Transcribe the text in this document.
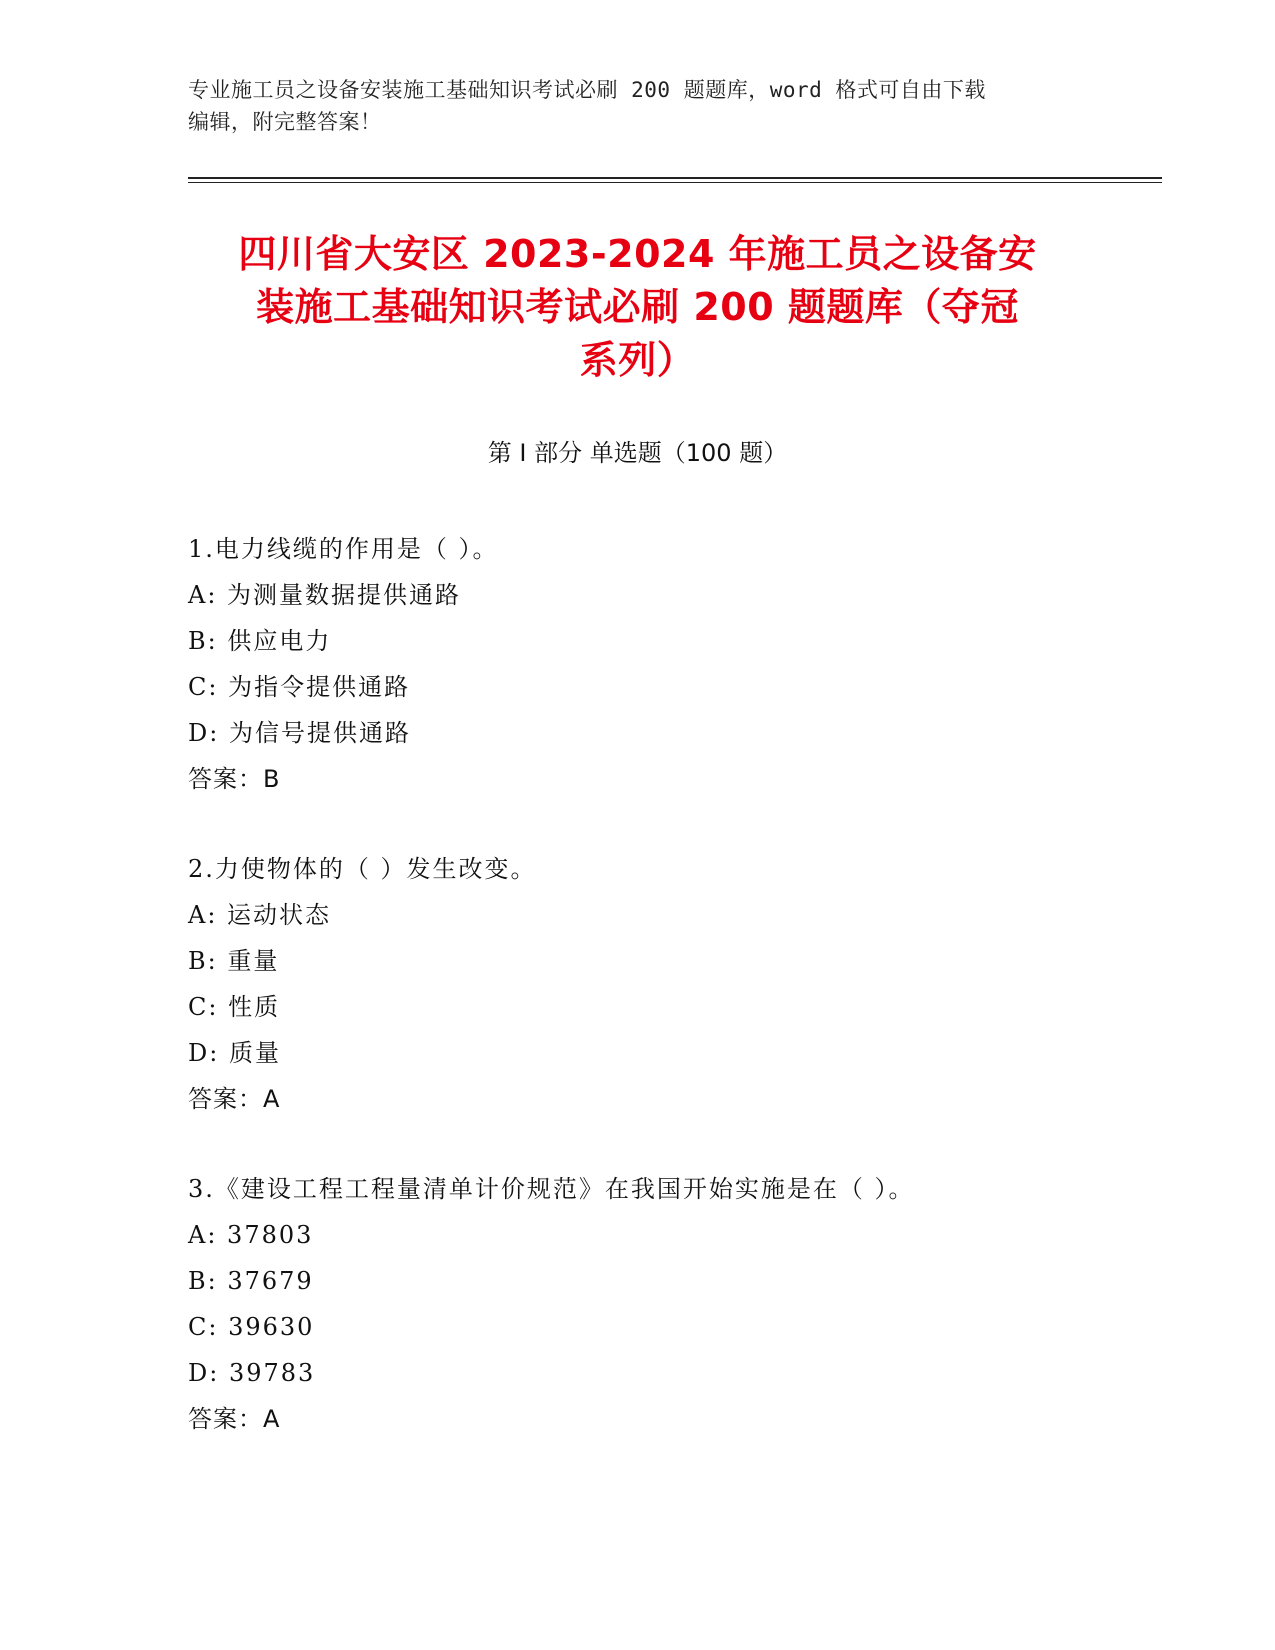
专业施工员之设备安装施工基础知识考试必刷 200 题题库，word 格式可自由下载
编辑，附完整答案！
四川省大安区 2023-2024 年施工员之设备安
装施工基础知识考试必刷 200 题题库（夺冠
系列）
第 I 部分 单选题（100 题）
1.电力线缆的作用是（ ）。
A: 为测量数据提供通路
B: 供应电力
C: 为指令提供通路
D: 为信号提供通路
答案：B
2.力使物体的（ ）发生改变。
A: 运动状态
B: 重量
C: 性质
D: 质量
答案：A
3.《建设工程工程量清单计价规范》在我国开始实施是在（ ）。
A: 37803
B: 37679
C: 39630
D: 39783
答案：A
